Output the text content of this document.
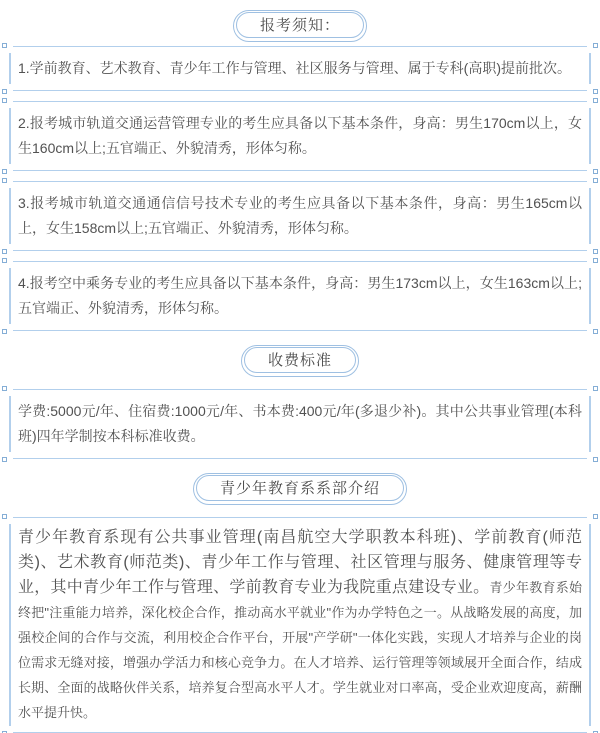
报考须知：

1.学前教育、艺术教育、青少年工作与管理、社区服务与管理、属于专科(高职)提前批次。

2.报考城市轨道交通运营管理专业的考生应具备以下基本条件，身高：男生170cm以上，女生160cm以上;五官端正、外貌清秀，形体匀称。

3.报考城市轨道交通通信信号技术专业的考生应具备以下基本条件，身高：男生165cm以上，女生158cm以上;五官端正、外貌清秀，形体匀称。

4.报考空中乘务专业的考生应具备以下基本条件，身高：男生173cm以上，女生163cm以上;五官端正、外貌清秀，形体匀称。

收费标准

学费:5000元/年、住宿费:1000元/年、书本费:400元/年(多退少补)。其中公共事业管理(本科班)四年学制按本科标准收费。

青少年教育系系部介绍

青少年教育系现有公共事业管理(南昌航空大学职教本科班)、学前教育(师范类)、艺术教育(师范类)、青少年工作与管理、社区管理与服务、健康管理等专业，其中青少年工作与管理、学前教育专业为我院重点建设专业。青少年教育系始终把"注重能力培养，深化校企合作，推动高水平就业"作为办学特色之一。从战略发展的高度，加强校企间的合作与交流，利用校企合作平台，开展"产学研"一体化实践，实现人才培养与企业的岗位需求无缝对接，增强办学活力和核心竞争力。在人才培养、运行管理等领域展开全面合作，结成长期、全面的战略伙伴关系，培养复合型高水平人才。学生就业对口率高，受企业欢迎度高，薪酬水平提升快。
